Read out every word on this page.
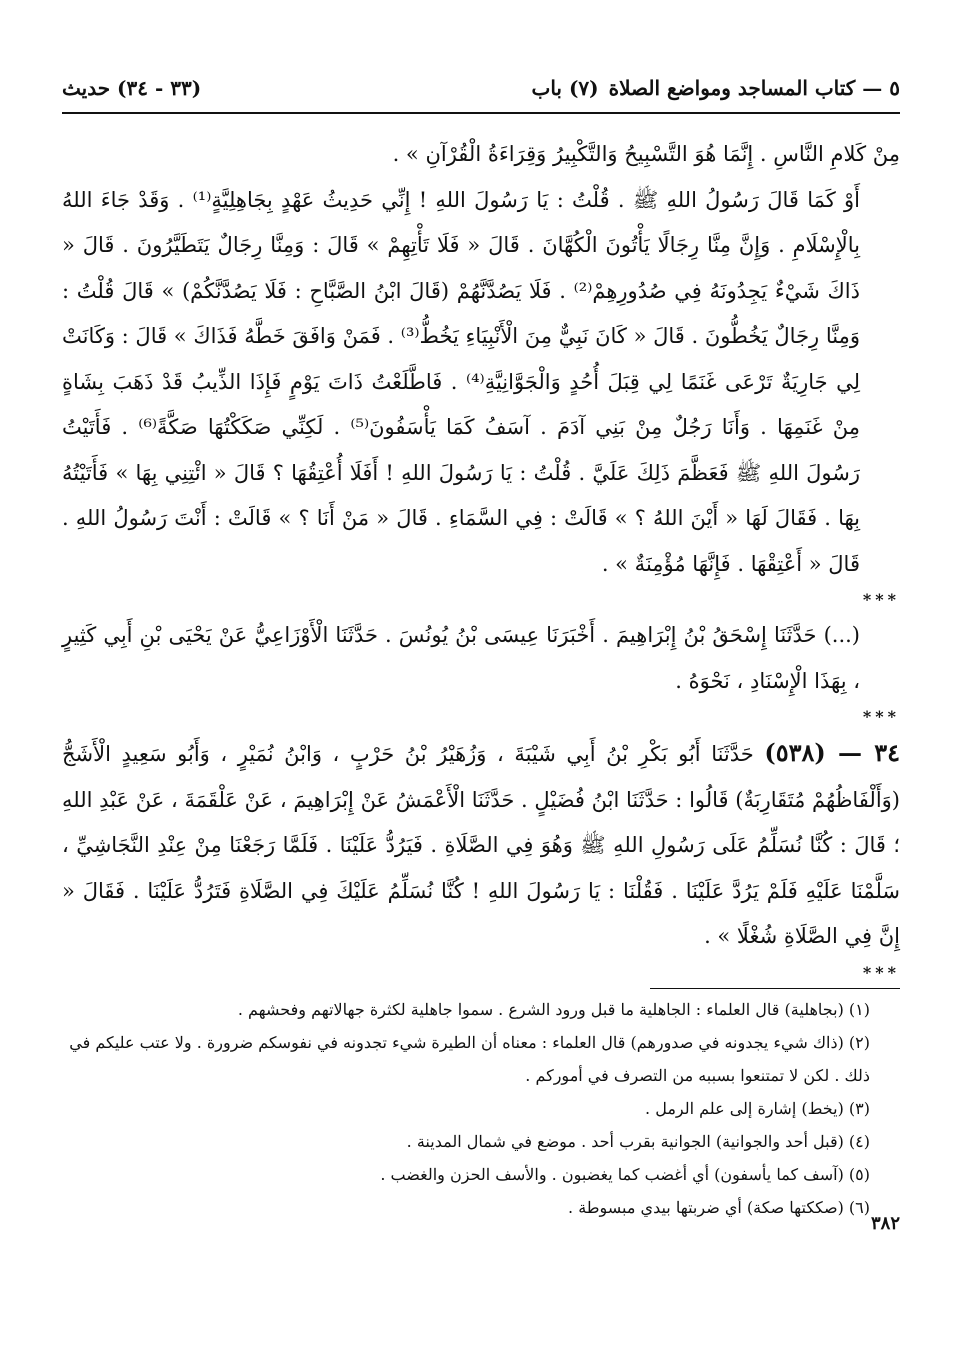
٥ — كتاب المساجد ومواضع الصلاة
(٧) باب
(٣٣ - ٣٤) حديث

مِنْ كَلامِ النَّاسِ . إِنَّمَا هُوَ التَّسْبِيحُ وَالتَّكْبِيرُ وَقِرَاءَةُ الْقُرْآنِ » .

أَوْ كَمَا قَالَ رَسُولُ اللهِ ﷺ . قُلْتُ : يَا رَسُولَ اللهِ ! إِنِّي حَدِيثُ عَهْدٍ بِجَاهِلِيَّةٍ⁽¹⁾ . وَقَدْ جَاءَ اللهُ بِالْإِسْلَامِ . وَإِنَّ مِنَّا رِجَالًا يَأْتُونَ الْكُهَّانَ . قَالَ « فَلَا تَأْتِهِمْ » قَالَ : وَمِنَّا رِجَالٌ يَتَطَيَّرُونَ . قَالَ « ذَاكَ شَيْءٌ يَجِدُونَهُ فِي صُدُورِهِمْ⁽²⁾ . فَلَا يَصُدَّنَّهُمْ (قَالَ ابْنُ الصَّبَّاحِ : فَلَا يَصُدَّنَّكُمْ) » قَالَ قُلْتُ : وَمِنَّا رِجَالٌ يَخُطُّونَ . قَالَ « كَانَ نَبِيٌّ مِنَ الْأَنْبِيَاءِ يَخُطُّ⁽³⁾ . فَمَنْ وَافَقَ خَطَّهُ فَذَاكَ » قَالَ : وَكَانَتْ لِي جَارِيَةٌ تَرْعَى غَنَمًا لِي قِبَلَ أُحُدٍ وَالْجَوَّانِيَّةِ⁽⁴⁾ . فَاطَّلَعْتُ ذَاتَ يَوْمٍ فَإِذَا الذِّيبُ قَدْ ذَهَبَ بِشَاةٍ مِنْ غَنَمِهَا . وَأَنَا رَجُلٌ مِنْ بَنِي آدَمَ . آسَفُ كَمَا يَأْسَفُونَ⁽⁵⁾ . لَكِنِّي صَكَكْتُهَا صَكَّةً⁽⁶⁾ . فَأَتَيْتُ رَسُولَ اللهِ ﷺ فَعَظَّمَ ذَلِكَ عَلَيَّ . قُلْتُ : يَا رَسُولَ اللهِ ! أَفَلَا أُعْتِقُهَا ؟ قَالَ « ائْتِنِي بِهَا » فَأَتَيْتُهُ بِهَا . فَقَالَ لَهَا « أَيْنَ اللهُ ؟ » قَالَتْ : فِي السَّمَاءِ . قَالَ « مَنْ أَنَا ؟ » قَالَتْ : أَنْتَ رَسُولُ اللهِ . قَالَ « أَعْتِقْهَا . فَإِنَّهَا مُؤْمِنَةٌ » .

***

(...) حَدَّثَنَا إِسْحَقُ بْنُ إِبْرَاهِيمَ . أَخْبَرَنَا عِيسَى بْنُ يُونُسَ . حَدَّثَنَا الْأَوْزَاعِيُّ عَنْ يَحْيَى بْنِ أَبِي كَثِيرٍ ، بِهَذَا الْإِسْنَادِ ، نَحْوَهُ .

***

٣٤ — (٥٣٨) حَدَّثَنَا أَبُو بَكْرِ بْنُ أَبِي شَيْبَةَ ، وَزُهَيْرُ بْنُ حَرْبٍ ، وَابْنُ نُمَيْرٍ ، وَأَبُو سَعِيدٍ الْأَشَجُّ (وَأَلْفَاظُهُمْ مُتَقَارِبَةٌ) قَالُوا : حَدَّثَنَا ابْنُ فُضَيْلٍ . حَدَّثَنَا الْأَعْمَشُ عَنْ إِبْرَاهِيمَ ، عَنْ عَلْقَمَةَ ، عَنْ عَبْدِ اللهِ ؛ قَالَ : كُنَّا نُسَلِّمُ عَلَى رَسُولِ اللهِ ﷺ وَهُوَ فِي الصَّلَاةِ . فَيَرُدُّ عَلَيْنَا . فَلَمَّا رَجَعْنَا مِنْ عِنْدِ النَّجَاشِيِّ ، سَلَّمْنَا عَلَيْهِ فَلَمْ يَرُدَّ عَلَيْنَا . فَقُلْنَا : يَا رَسُولَ اللهِ ! كُنَّا نُسَلِّمُ عَلَيْكَ فِي الصَّلَاةِ فَتَرُدُّ عَلَيْنَا . فَقَالَ « إِنَّ فِي الصَّلَاةِ شُغْلًا » .

***

(١) (بجاهلية) قال العلماء : الجاهلية ما قبل ورود الشرع . سموا جاهلية لكثرة جهالاتهم وفحشهم .

(٢) (ذاك شيء يجدونه في صدورهم) قال العلماء : معناه أن الطيرة شيء تجدونه في نفوسكم ضرورة . ولا عتب عليكم في ذلك . لكن لا تمتنعوا بسببه من التصرف في أموركم .

(٣) (يخط) إشارة إلى علم الرمل .

(٤) (قبل أحد والجوانية) الجوانية بقرب أحد . موضع في شمال المدينة .

(٥) (آسف كما يأسفون) أي أغضب كما يغضبون . والأسف الحزن والغضب .

(٦) (صككتها صكة) أي ضربتها بيدي مبسوطة .

٣٨٢
